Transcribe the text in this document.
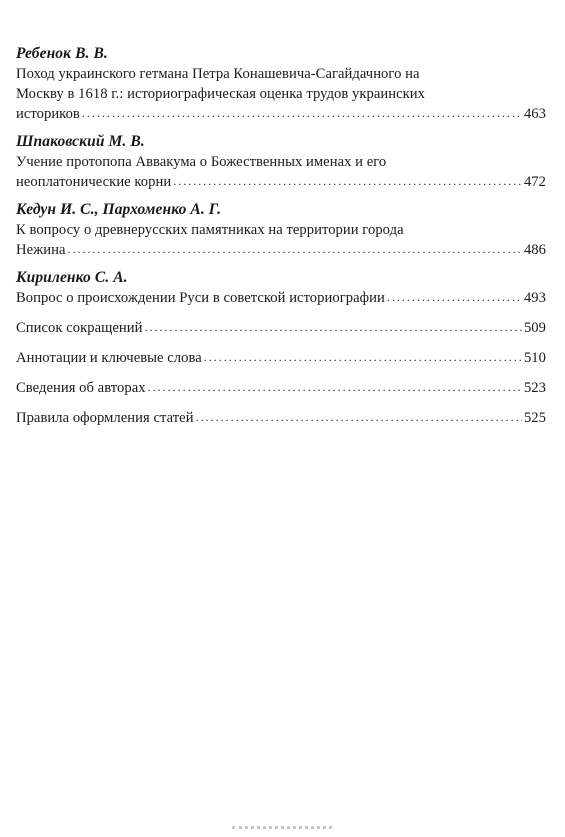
Ребенок В. В.

Поход украинского гетмана Петра Конашевича-Сагайдачного на

Москву в 1618 г.: историографическая оценка трудов украинских

историков . . .	463

Шпаковский М. В.

Учение протопопа Аввакума о Божественных именах и его

неоплатонические корни . . .	472

Кедун И. С., Пархоменко А. Г.

К вопросу о древнерусских памятниках на территории города

Нежина . . .	486

Кириленко С. А.

Вопрос о происхождении Руси в советской историографии . . .	493
Список сокращений . . .	509
Аннотации и ключевые слова . . .	510
Сведения об авторах . . .	523
Правила оформления статей . . .	525
